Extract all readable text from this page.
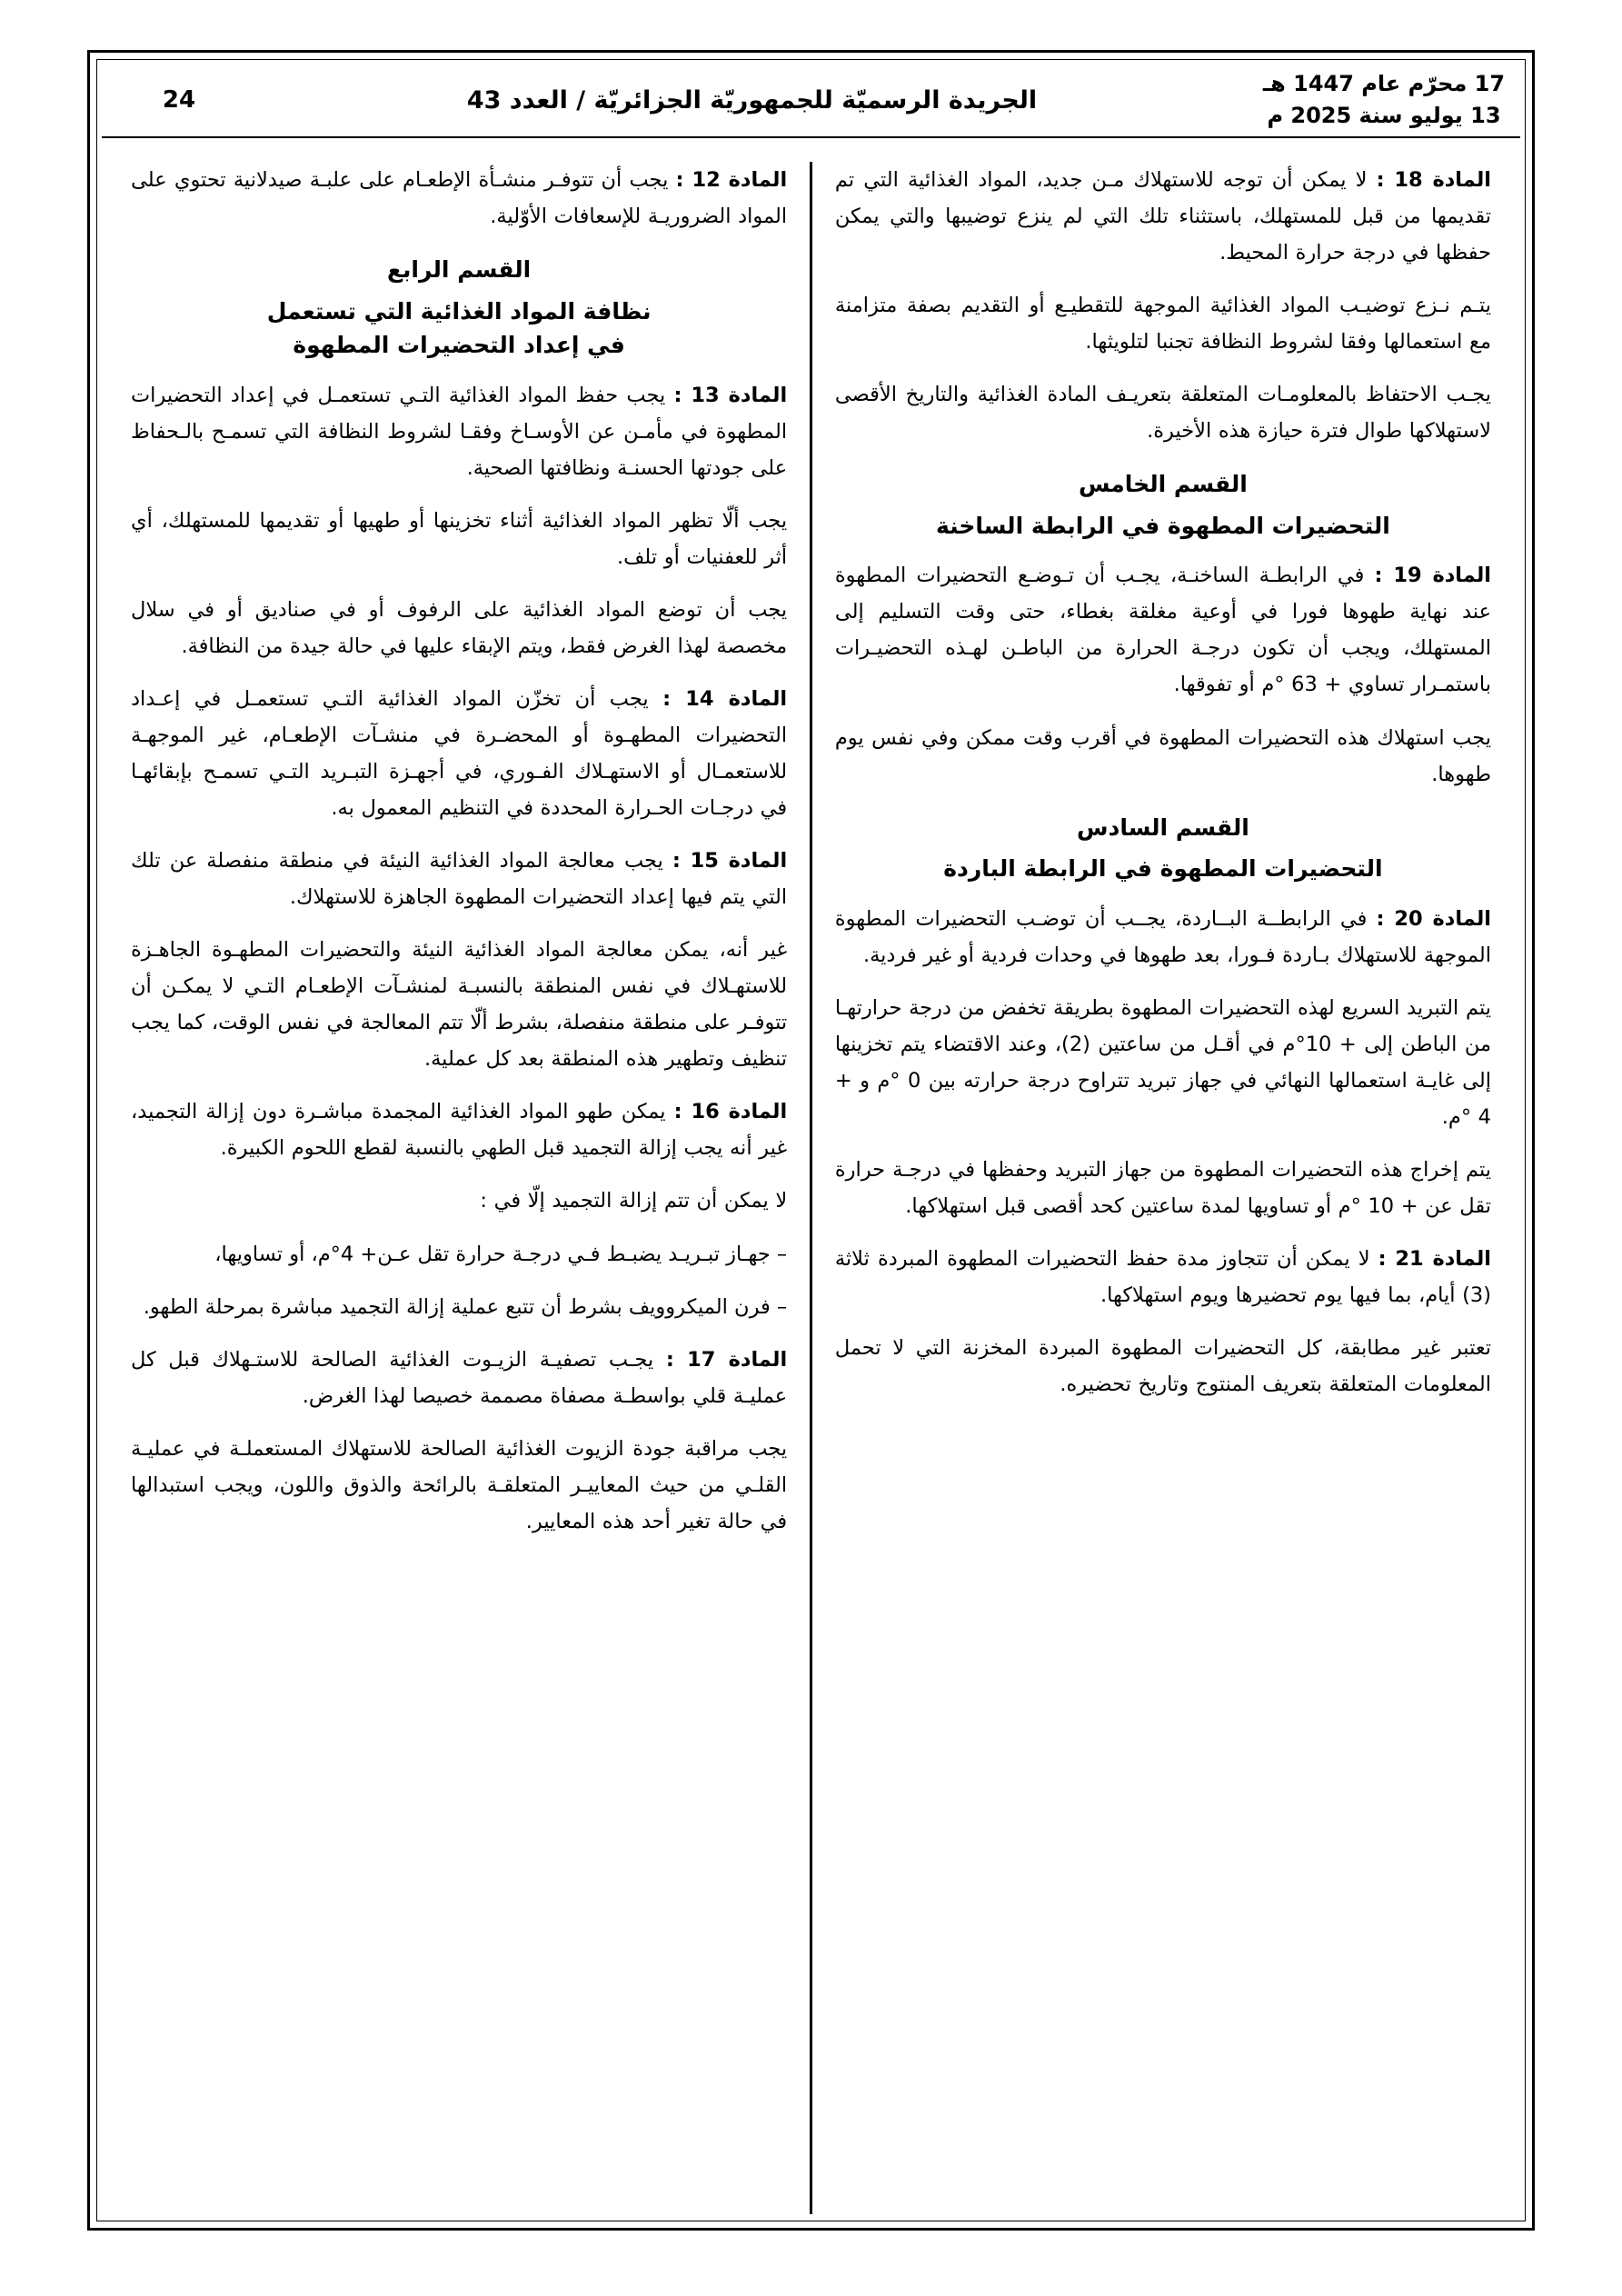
17 محرّم عام 1447 هـ
13 يوليو سنة 2025 م
الجريدة الرسميّة للجمهوريّة الجزائريّة / العدد 43
24

المادة 12 : يجب أن تتوفـر منشـأة الإطعـام على علبـة صيدلانية تحتوي على المواد الضروريـة للإسعافات الأوّلية.

القسم الرابع
نظافة المواد الغذائية التي تستعمل
في إعداد التحضيرات المطهوة

المادة 13 : يجب حفظ المواد الغذائية التـي تستعمـل في إعداد التحضيرات المطهوة في مأمـن عن الأوسـاخ وفقـا لشروط النظافة التي تسمـح بالـحفاظ على جودتها الحسنـة ونظافتها الصحية.

يجب ألّا تظهر المواد الغذائية أثناء تخزينها أو طهيها أو تقديمها للمستهلك، أي أثر للعفنيات أو تلف.

يجب أن توضع المواد الغذائية على الرفوف أو في صناديق أو في سلال مخصصة لهذا الغرض فقط، ويتم الإبقاء عليها في حالة جيدة من النظافة.

المادة 14 : يجب أن تخزّن المواد الغذائية التـي تستعمـل في إعـداد التحضيرات المطهـوة أو المحضـرة في منشـآت الإطعـام، غير الموجهـة للاستعمـال أو الاستهـلاك الفـوري، في أجهـزة التبـريد التـي تسمـح بإبقائهـا في درجـات الحـرارة المحددة في التنظيم المعمول به.

المادة 15 : يجب معالجة المواد الغذائية النيئة في منطقة منفصلة عن تلك التي يتم فيها إعداد التحضيرات المطهوة الجاهزة للاستهلاك.

غير أنه، يمكن معالجة المواد الغذائية النيئة والتحضيرات المطهـوة الجاهـزة للاستهـلاك في نفس المنطقة بالنسبـة لمنشـآت الإطعـام التـي لا يمكـن أن تتوفـر على منطقة منفصلة، بشرط ألّا تتم المعالجة في نفس الوقت، كما يجب تنظيف وتطهير هذه المنطقة بعد كل عملية.

المادة 16 : يمكن طهو المواد الغذائية المجمدة مباشـرة دون إزالة التجميد، غير أنه يجب إزالة التجميد قبل الطهي بالنسبة لقطع اللحوم الكبيرة.

لا يمكن أن تتم إزالة التجميد إلّا في :

– جهـاز تبـريـد يضبـط فـي درجـة حرارة تقل عـن+ 4°م، أو تساويها،

– فرن الميكروويف بشرط أن تتبع عملية إزالة التجميد مباشرة بمرحلة الطهو.

المادة 17 : يجـب تصفيـة الزيـوت الغذائية الصالحة للاستـهلاك قبل كل عمليـة قلي بواسطـة مصفاة مصممة خصيصا لهذا الغرض.

يجب مراقبة جودة الزيوت الغذائية الصالحة للاستهلاك المستعملـة في عمليـة القلـي من حيث المعاييـر المتعلقـة بالرائحة والذوق واللون، ويجب استبدالها في حالة تغير أحد هذه المعايير.

المادة 18 : لا يمكن أن توجه للاستهلاك مـن جديد، المواد الغذائية التي تم تقديمها من قبل للمستهلك، باستثناء تلك التي لم ينزع توضيبها والتي يمكن حفظها في درجة حرارة المحيط.

يتـم نـزع توضيـب المواد الغذائية الموجهة للتقطيـع أو التقديم بصفة متزامنة مع استعمالها وفقا لشروط النظافة تجنبا لتلويثها.

يجـب الاحتفاظ بالمعلومـات المتعلقة بتعريـف المادة الغذائية والتاريخ الأقصى لاستهلاكها طوال فترة حيازة هذه الأخيرة.

القسم الخامس
التحضيرات المطهوة في الرابطة الساخنة

المادة 19 : في الرابطـة الساخنـة، يجـب أن تـوضـع التحضيرات المطهوة عند نهاية طهوها فورا في أوعية مغلقة بغطاء، حتى وقت التسليم إلى المستهلك، ويجب أن تكون درجـة الحرارة من الباطـن لهـذه التحضيـرات باستمـرار تساوي + 63 °م أو تفوقها.

يجب استهلاك هذه التحضيرات المطهوة في أقرب وقت ممكن وفي نفس يوم طهوها.

القسم السادس
التحضيرات المطهوة في الرابطة الباردة

المادة 20 : في الرابطــة البــاردة، يجــب أن توضـب التحضيرات المطهوة الموجهة للاستهلاك بـاردة فـورا، بعد طهوها في وحدات فردية أو غير فردية.

يتم التبريد السريع لهذه التحضيرات المطهوة بطريقة تخفض من درجة حرارتهـا من الباطن إلى + 10°م في أقـل من ساعتين (2)، وعند الاقتضاء يتم تخزينها إلى غايـة استعمالها النهائي في جهاز تبريد تتراوح درجة حرارته بين 0 °م و + 4 °م.

يتم إخراج هذه التحضيرات المطهوة من جهاز التبريد وحفظها في درجـة حرارة تقل عن + 10 °م أو تساويها لمدة ساعتين كحد أقصى قبل استهلاكها.

المادة 21 : لا يمكن أن تتجاوز مدة حفظ التحضيرات المطهوة المبردة ثلاثة (3) أيام، بما فيها يوم تحضيرها ويوم استهلاكها.

تعتبر غير مطابقة، كل التحضيرات المطهوة المبردة المخزنة التي لا تحمل المعلومات المتعلقة بتعريف المنتوج وتاريخ تحضيره.
